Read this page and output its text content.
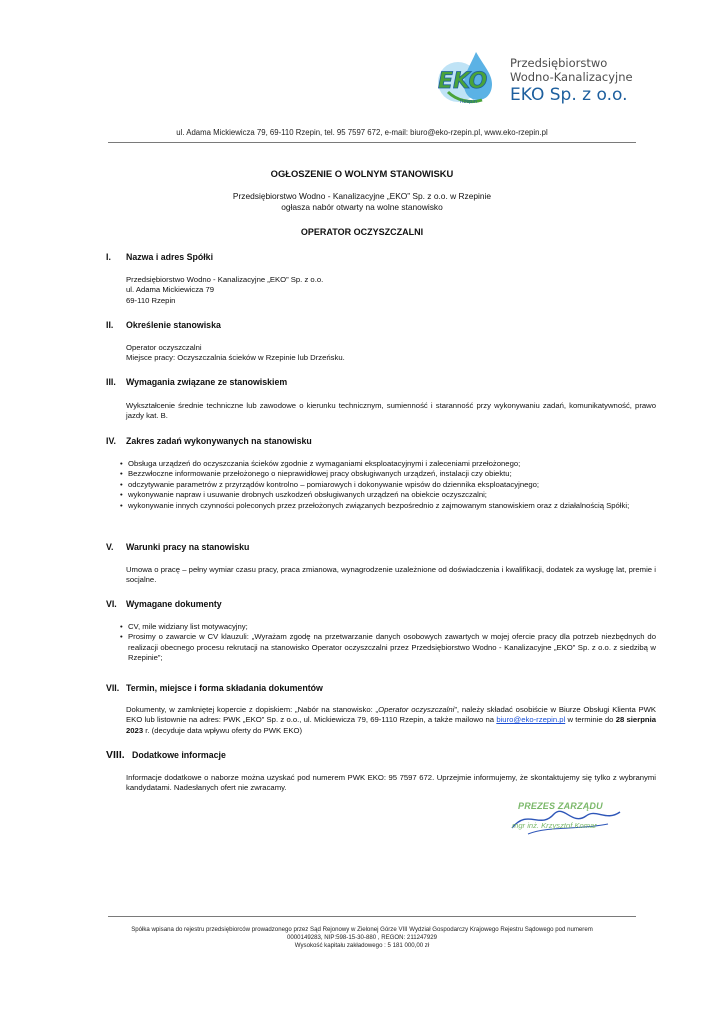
EKO
Rzepin
Przedsiębiorstwo
Wodno-Kanalizacyjne
EKO Sp. z o.o.
ul. Adama Mickiewicza 79, 69-110 Rzepin, tel. 95 7597 672, e-mail: biuro@eko-rzepin.pl, www.eko-rzepin.pl
OGŁOSZENIE O WOLNYM STANOWISKU
Przedsiębiorstwo Wodno - Kanalizacyjne „EKO” Sp. z o.o. w Rzepinie
ogłasza nabór otwarty na wolne stanowisko
OPERATOR OCZYSZCZALNI
I. Nazwa i adres Spółki
Przedsiębiorstwo Wodno - Kanalizacyjne „EKO” Sp. z o.o.
ul. Adama Mickiewicza 79
69-110 Rzepin
II. Określenie stanowiska
Operator oczyszczalni
Miejsce pracy: Oczyszczalnia ścieków w Rzepinie lub Drzeńsku.
III. Wymagania związane ze stanowiskiem
Wykształcenie średnie techniczne lub zawodowe o kierunku technicznym, sumienność i staranność przy wykonywaniu zadań, komunikatywność, prawo jazdy kat. B.
IV. Zakres zadań wykonywanych na stanowisku
• Obsługa urządzeń do oczyszczania ścieków zgodnie z wymaganiami eksploatacyjnymi i zaleceniami przełożonego;
• Bezzwłoczne informowanie przełożonego o nieprawidłowej pracy obsługiwanych urządzeń, instalacji czy obiektu;
• odczytywanie parametrów z przyrządów kontrolno – pomiarowych i dokonywanie wpisów do dziennika eksploatacyjnego;
• wykonywanie napraw i usuwanie drobnych uszkodzeń obsługiwanych urządzeń na obiekcie oczyszczalni;
• wykonywanie innych czynności poleconych przez przełożonych związanych bezpośrednio z zajmowanym stanowiskiem oraz z działalnością Spółki;
V. Warunki pracy na stanowisku
Umowa o pracę – pełny wymiar czasu pracy, praca zmianowa, wynagrodzenie uzależnione od doświadczenia i kwalifikacji, dodatek za wysługę lat, premie i socjalne.
VI. Wymagane dokumenty
• CV, mile widziany list motywacyjny;
• Prosimy o zawarcie w CV klauzuli: „Wyrażam zgodę na przetwarzanie danych osobowych zawartych w mojej ofercie pracy dla potrzeb niezbędnych do realizacji obecnego procesu rekrutacji na stanowisko Operator oczyszczalni przez Przedsiębiorstwo Wodno - Kanalizacyjne „EKO” Sp. z o.o. z siedzibą w Rzepinie”;
VII. Termin, miejsce i forma składania dokumentów
Dokumenty, w zamkniętej kopercie z dopiskiem: „Nabór na stanowisko: „Operator oczyszczalni”, należy składać osobiście w Biurze Obsługi Klienta PWK EKO lub listownie na adres: PWK „EKO” Sp. z o.o., ul. Mickiewicza 79, 69-1110 Rzepin, a także mailowo na biuro@eko-rzepin.pl w terminie do 28 sierpnia 2023 r. (decyduje data wpływu oferty do PWK EKO)
VIII. Dodatkowe informacje
Informacje dodatkowe o naborze można uzyskać pod numerem PWK EKO: 95 7597 672. Uprzejmie informujemy, że skontaktujemy się tylko z wybranymi kandydatami. Nadesłanych ofert nie zwracamy.
PREZES ZARZĄDU
mgr inż. Krzysztof Komar
Spółka wpisana do rejestru przedsiębiorców prowadzonego przez Sąd Rejonowy w Zielonej Górze VIII Wydział Gospodarczy Krajowego Rejestru Sądowego pod numerem
0000149283, NIP:598-15-30-880 , REGON: 211247929
Wysokość kapitału zakładowego : 5 181 000,00 zł
